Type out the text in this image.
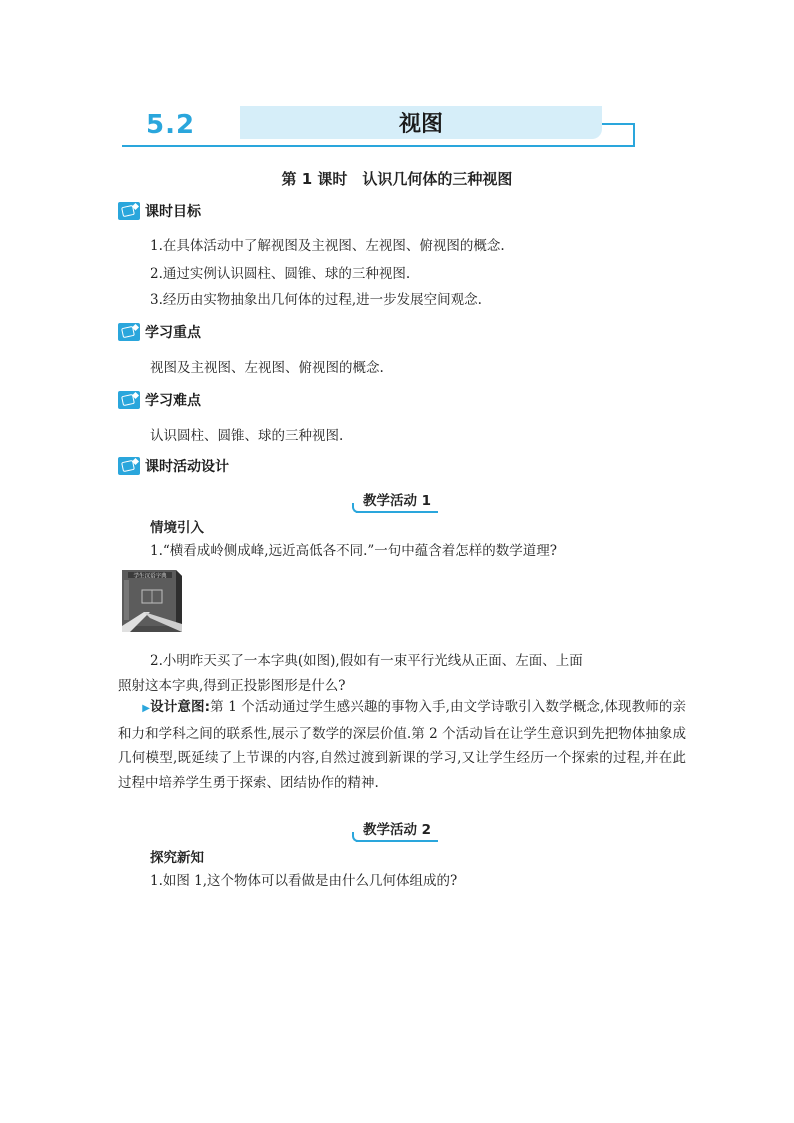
5.2	视图
第 1 课时　认识几何体的三种视图
课时目标
1.在具体活动中了解视图及主视图、左视图、俯视图的概念.
2.通过实例认识圆柱、圆锥、球的三种视图.
3.经历由实物抽象出几何体的过程,进一步发展空间观念.
学习重点
视图及主视图、左视图、俯视图的概念.
学习难点
认识圆柱、圆锥、球的三种视图.
课时活动设计
教学活动 1
情境引入
1.“横看成岭侧成峰,远近高低各不同.”一句中蕴含着怎样的数学道理?
学生汉语字典
2.小明昨天买了一本字典(如图),假如有一束平行光线从正面、左面、上面
照射这本字典,得到正投影图形是什么?
▶设计意图:第 1 个活动通过学生感兴趣的事物入手,由文学诗歌引入数学概念,体现教师的亲和力和学科之间的联系性,展示了数学的深层价值.第 2 个活动旨在让学生意识到先把物体抽象成几何模型,既延续了上节课的内容,自然过渡到新课的学习,又让学生经历一个探索的过程,并在此过程中培养学生勇于探索、团结协作的精神.
教学活动 2
探究新知
1.如图 1,这个物体可以看做是由什么几何体组成的?
